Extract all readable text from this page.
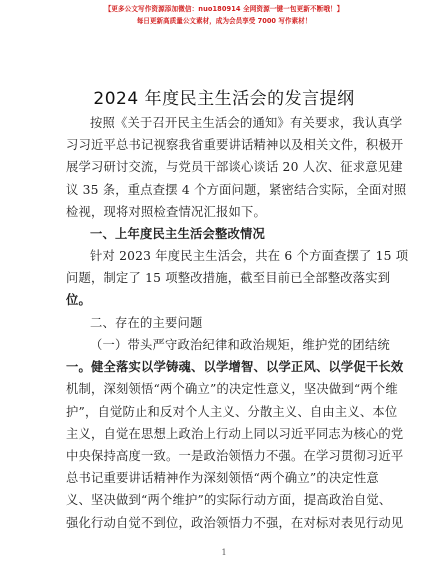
【更多公文写作资源添加微信：nuo180914 全网资源一键一包更新不断哦！】
每日更新高质量公文素材，成为会员享受 7000 写作素材！
2024 年度民主生活会的发言提纲
按照《关于召开民主生活会的通知》有关要求，我认真学
习习近平总书记视察我省重要讲话精神以及相关文件，积极开
展学习研讨交流，与党员干部谈心谈话 20 人次、征求意见建
议 35 条，重点查摆 4 个方面问题，紧密结合实际，全面对照
检视，现将对照检查情况汇报如下。
一、上年度民主生活会整改情况
针对 2023 年度民主生活会，共在 6 个方面查摆了 15 项
问题，制定了 15 项整改措施，截至目前已全部整改落实到
位。
二、存在的主要问题
（一）带头严守政治纪律和政治规矩，维护党的团结统
一。健全落实以学铸魂、以学增智、以学正风、以学促干长效
机制，深刻领悟“两个确立”的决定性意义，坚决做到“两个维
护”，自觉防止和反对个人主义、分散主义、自由主义、本位
主义，自觉在思想上政治上行动上同以习近平同志为核心的党
中央保持高度一致。一是政治领悟力不强。在学习贯彻习近平
总书记重要讲话精神作为深刻领悟“两个确立”的决定性意
义、坚决做到“两个维护”的实际行动方面，提高政治自觉、
强化行动自觉不到位，政治领悟力不强，在对标对表见行动见
1
